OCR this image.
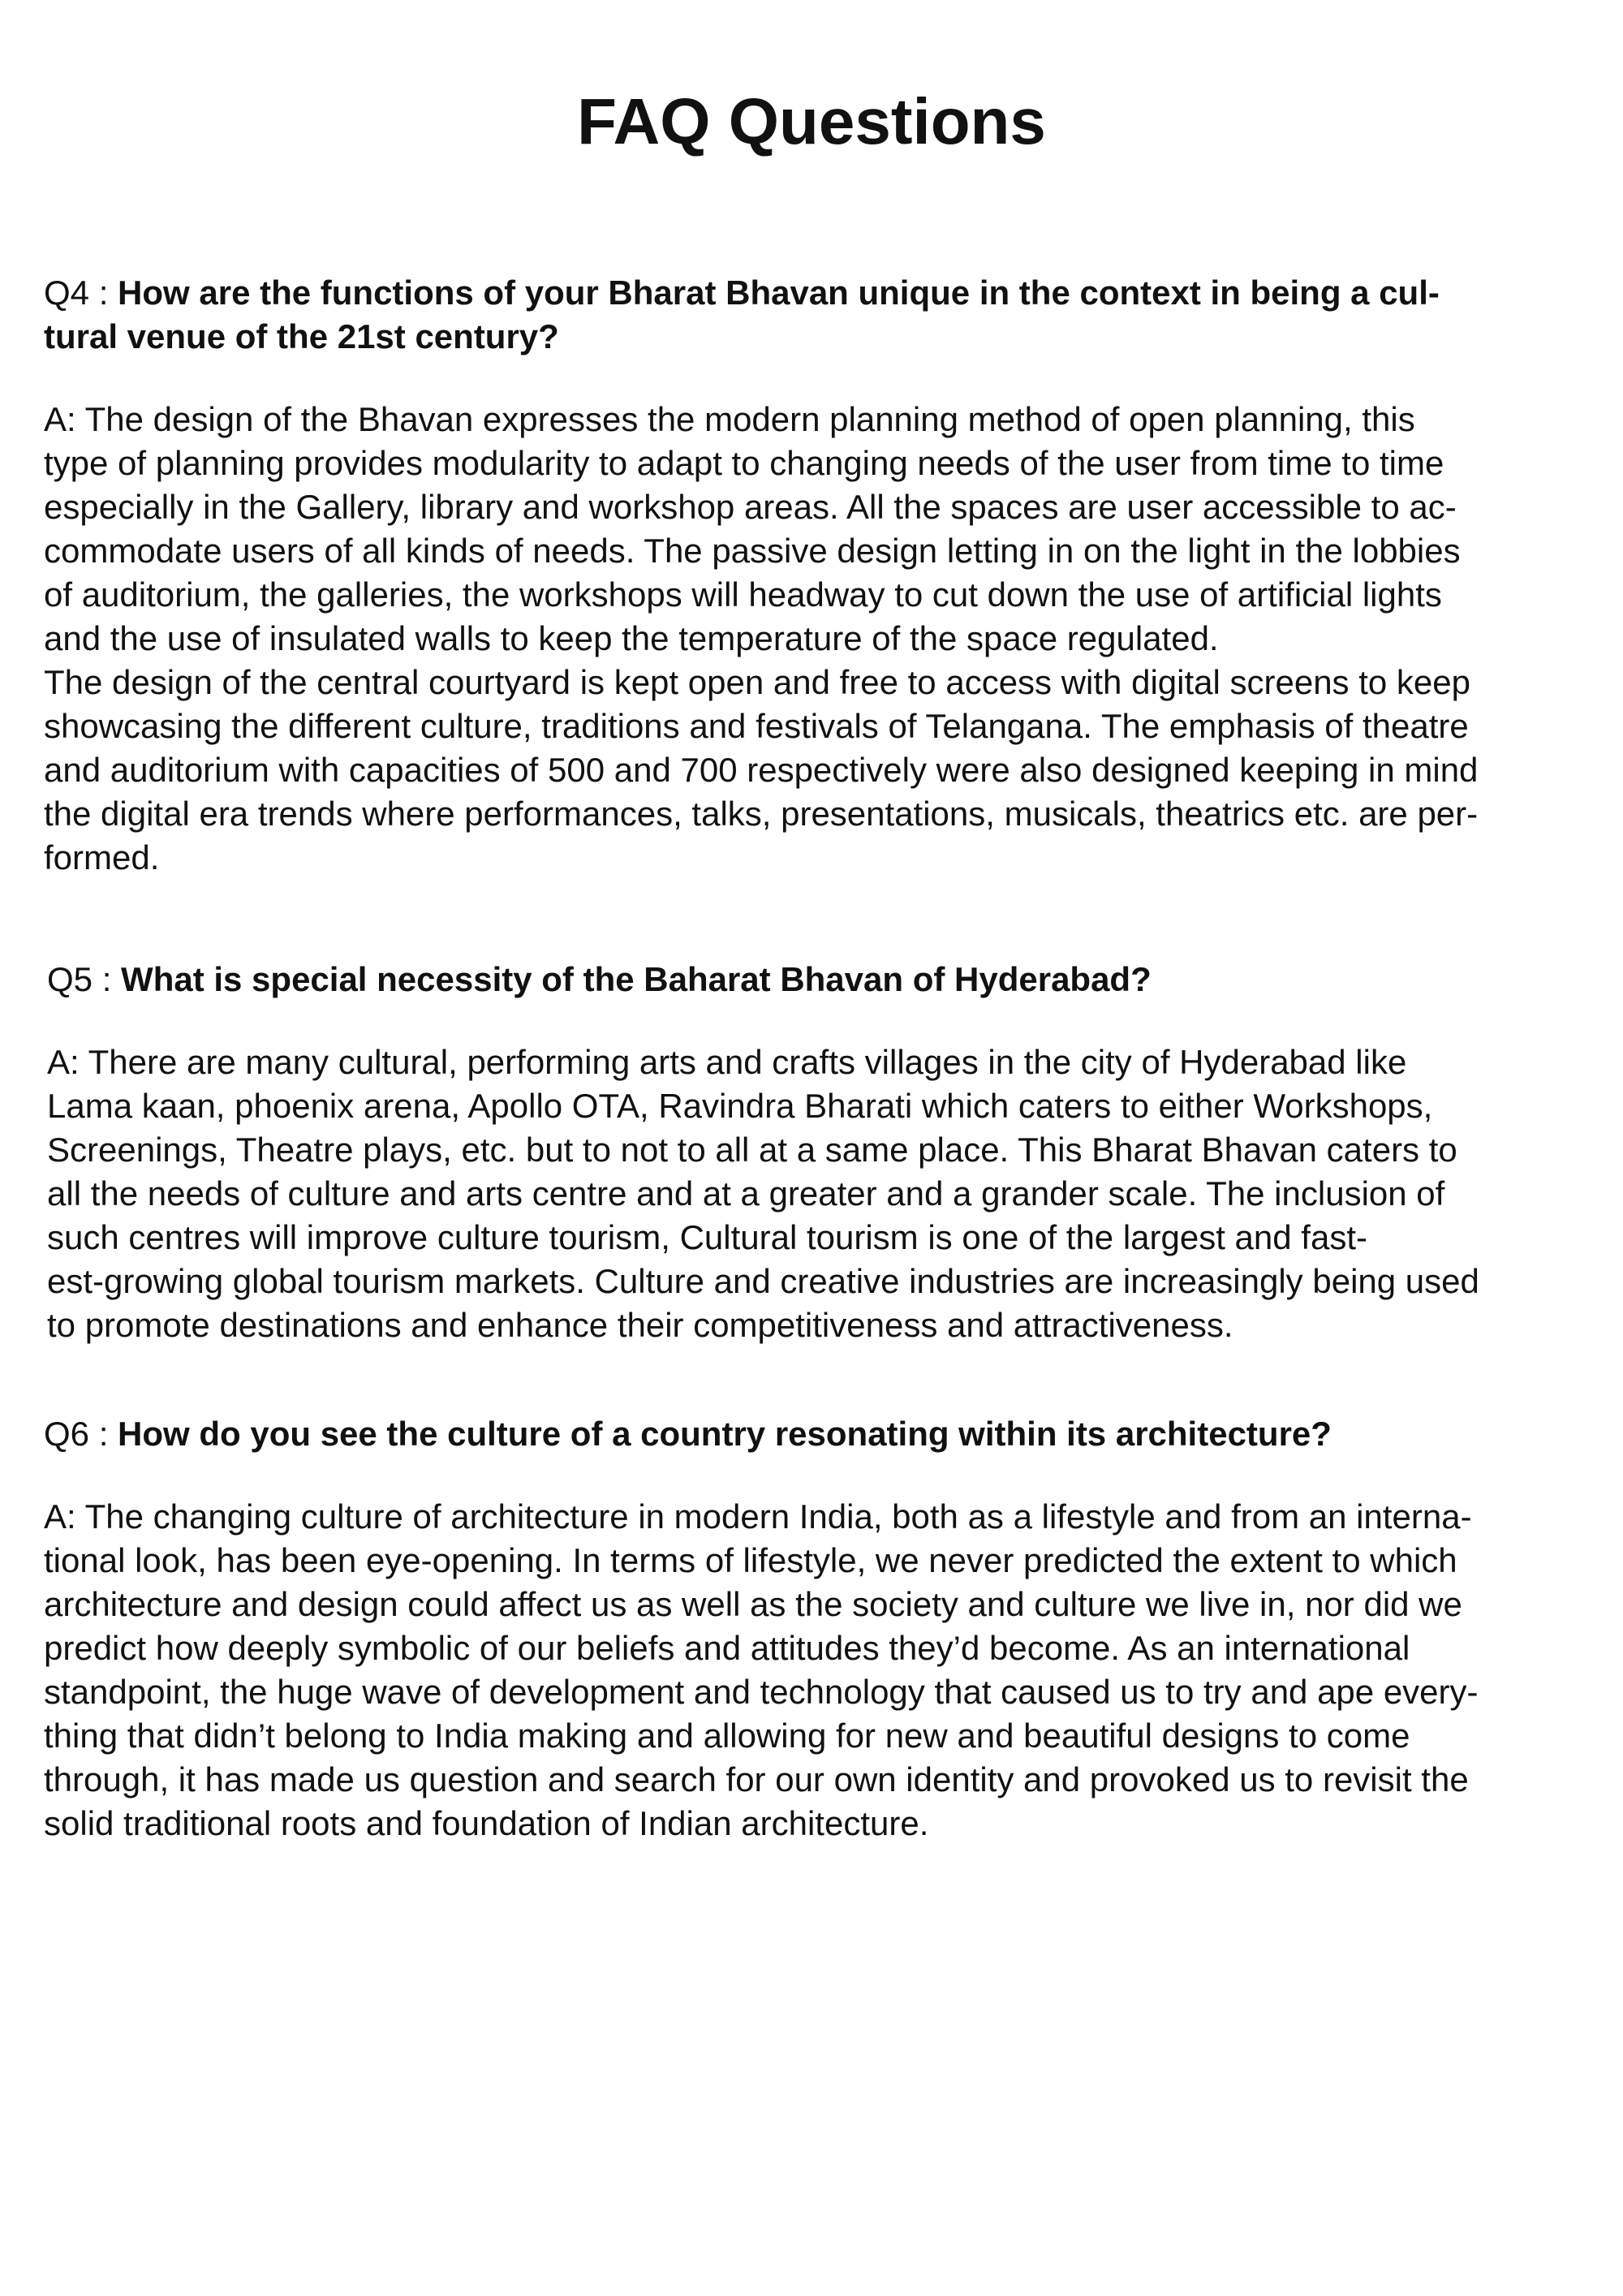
FAQ Questions

Q4 : How are the functions of your Bharat Bhavan unique in the context in being a cul-
tural venue of the 21st century?

A: The design of the Bhavan expresses the modern planning method of open planning, this
type of planning provides modularity to adapt to changing needs of the user from time to time
especially in the Gallery, library and workshop areas. All the spaces are user accessible to ac-
commodate users of all kinds of needs. The passive design letting in on the light in the lobbies
of auditorium, the galleries, the workshops will headway to cut down the use of artificial lights
and the use of insulated walls to keep the temperature of the space regulated.
The design of the central courtyard is kept open and free to access with digital screens to keep
showcasing the different culture, traditions and festivals of Telangana. The emphasis of theatre
and auditorium with capacities of 500 and 700 respectively were also designed keeping in mind
the digital era trends where performances, talks, presentations, musicals, theatrics etc. are per-
formed.

Q5 : What is special necessity of the Baharat Bhavan of Hyderabad?

A: There are many cultural, performing arts and crafts villages in the city of Hyderabad like
Lama kaan, phoenix arena, Apollo OTA, Ravindra Bharati which caters to either Workshops,
Screenings, Theatre plays, etc. but to not to all at a same place. This Bharat Bhavan caters to
all the needs of culture and arts centre and at a greater and a grander scale. The inclusion of
such centres will improve culture tourism, Cultural tourism is one of the largest and fast-
est-growing global tourism markets. Culture and creative industries are increasingly being used
to promote destinations and enhance their competitiveness and attractiveness.

Q6 : How do you see the culture of a country resonating within its architecture?

A: The changing culture of architecture in modern India, both as a lifestyle and from an interna-
tional look, has been eye-opening. In terms of lifestyle, we never predicted the extent to which
architecture and design could affect us as well as the society and culture we live in, nor did we
predict how deeply symbolic of our beliefs and attitudes they’d become. As an international
standpoint, the huge wave of development and technology that caused us to try and ape every-
thing that didn’t belong to India making and allowing for new and beautiful designs to come
through, it has made us question and search for our own identity and provoked us to revisit the
solid traditional roots and foundation of Indian architecture.
